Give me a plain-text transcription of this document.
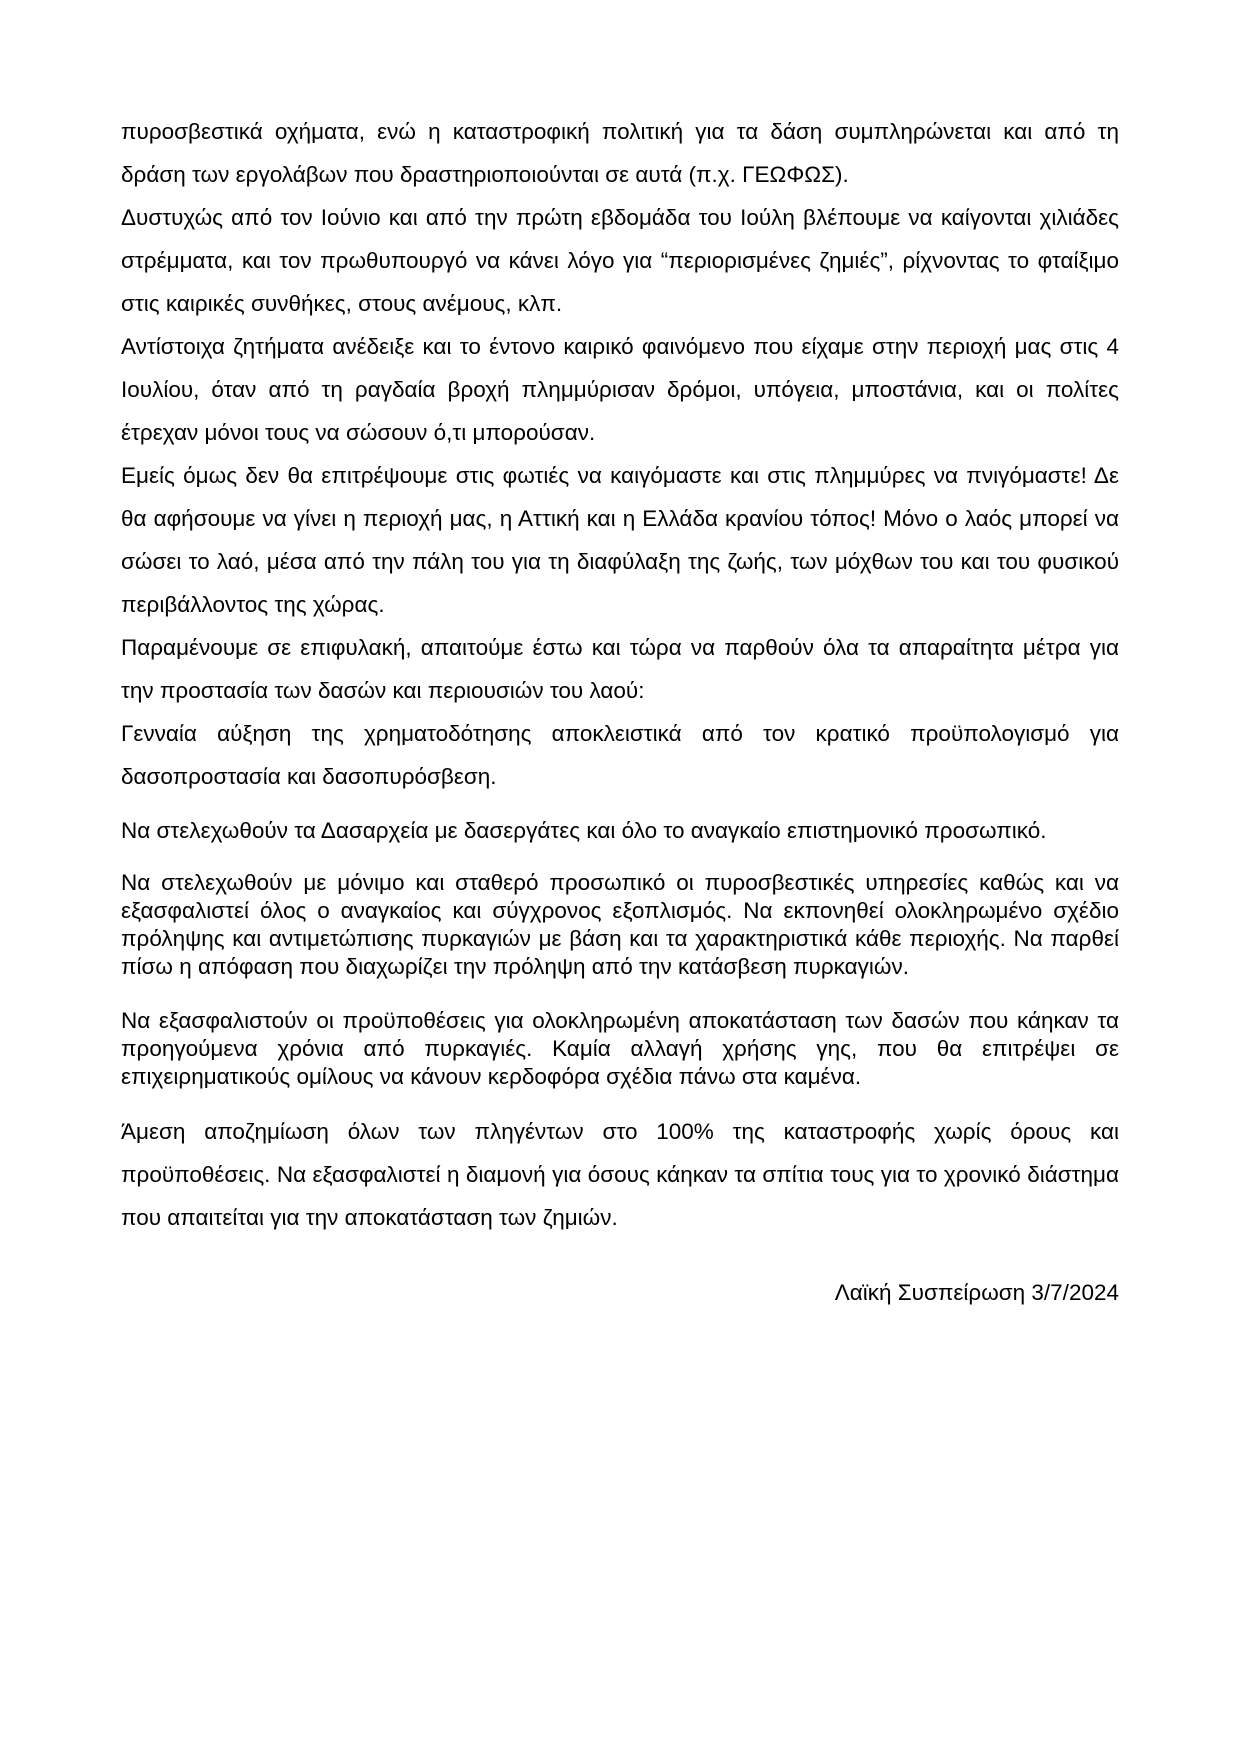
πυροσβεστικά οχήματα, ενώ η καταστροφική πολιτική για τα δάση συμπληρώνεται και από τη δράση των εργολάβων που δραστηριοποιούνται σε αυτά (π.χ. ΓΕΩΦΩΣ).

Δυστυχώς από τον Ιούνιο και από την πρώτη εβδομάδα του Ιούλη βλέπουμε να καίγονται χιλιάδες στρέμματα, και τον πρωθυπουργό να κάνει λόγο για “περιορισμένες ζημιές”, ρίχνοντας το φταίξιμο στις καιρικές συνθήκες, στους ανέμους, κλπ.

Αντίστοιχα ζητήματα ανέδειξε και το έντονο καιρικό φαινόμενο που είχαμε στην περιοχή μας στις 4 Ιουλίου, όταν από τη ραγδαία βροχή πλημμύρισαν δρόμοι, υπόγεια, μποστάνια, και οι πολίτες έτρεχαν μόνοι τους να σώσουν ό,τι μπορούσαν.

Εμείς όμως δεν θα επιτρέψουμε στις φωτιές να καιγόμαστε και στις πλημμύρες να πνιγόμαστε! Δε θα αφήσουμε να γίνει η περιοχή μας, η Αττική και η Ελλάδα κρανίου τόπος! Μόνο ο λαός μπορεί να σώσει το λαό, μέσα από την πάλη του για τη διαφύλαξη της ζωής, των μόχθων του και του φυσικού περιβάλλοντος της χώρας.

Παραμένουμε σε επιφυλακή, απαιτούμε έστω και τώρα να παρθούν όλα τα απαραίτητα μέτρα για την προστασία των δασών και περιουσιών του λαού:

Γενναία αύξηση της χρηματοδότησης αποκλειστικά από τον κρατικό προϋπολογισμό για δασοπροστασία και δασοπυρόσβεση.

Να στελεχωθούν τα Δασαρχεία με δασεργάτες και όλο το αναγκαίο επιστημονικό προσωπικό.

Να στελεχωθούν με μόνιμο και σταθερό προσωπικό οι πυροσβεστικές υπηρεσίες καθώς και να εξασφαλιστεί όλος ο αναγκαίος και σύγχρονος εξοπλισμός. Να εκπονηθεί ολοκληρωμένο σχέδιο πρόληψης και αντιμετώπισης πυρκαγιών με βάση και τα χαρακτηριστικά κάθε περιοχής. Να παρθεί πίσω η απόφαση που διαχωρίζει την πρόληψη από την κατάσβεση πυρκαγιών.

Να εξασφαλιστούν οι προϋποθέσεις για ολοκληρωμένη αποκατάσταση των δασών που κάηκαν τα προηγούμενα χρόνια από πυρκαγιές. Καμία αλλαγή χρήσης γης, που θα επιτρέψει σε επιχειρηματικούς ομίλους να κάνουν κερδοφόρα σχέδια πάνω στα καμένα.

Άμεση αποζημίωση όλων των πληγέντων στο 100% της καταστροφής χωρίς όρους και προϋποθέσεις. Να εξασφαλιστεί η διαμονή για όσους κάηκαν τα σπίτια τους για το χρονικό διάστημα που απαιτείται για την αποκατάσταση των ζημιών.

Λαϊκή Συσπείρωση 3/7/2024
